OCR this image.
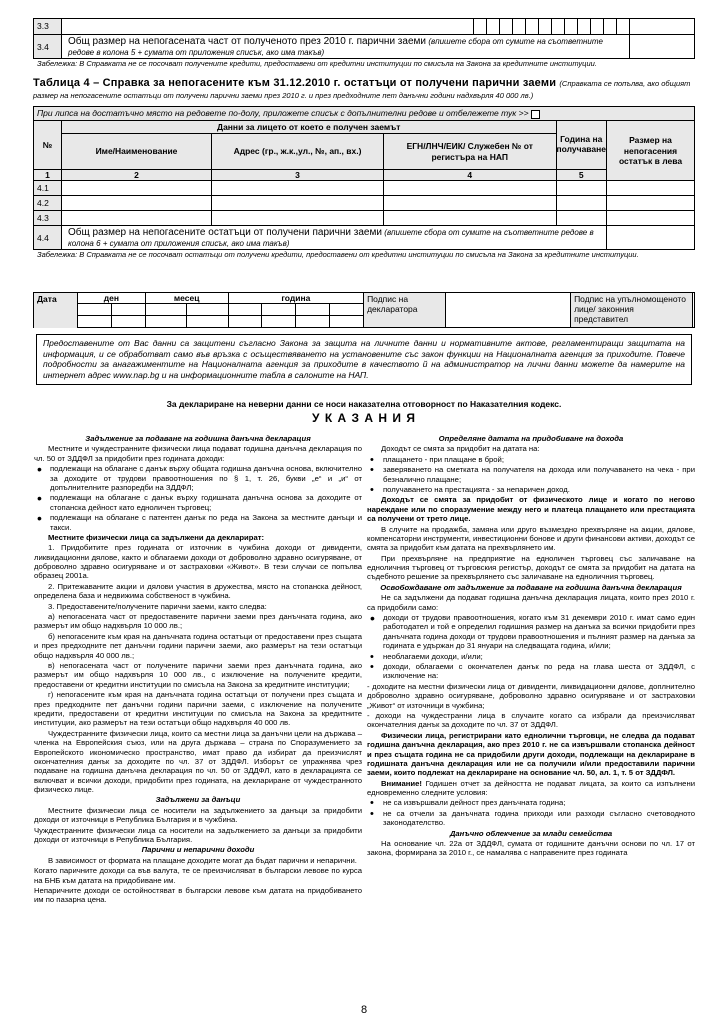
3.3														
3.4	Общ размер на непогасената част от полученото през 2010 г. парични заеми (впишете сбора от сумите на съответните редове в колона 5 + сумата от приложения списък, ако има такъв)													
Забележка: В Справката не се посочват получените кредити, предоставени от кредитни институции по смисъла на Закона за кредитните институции.
Таблица 4 – Справка за непогасените към 31.12.2010 г. остатъци от получени парични заеми (Справката се попълва, ако общият размер на непогасените остатъци от получени парични заеми през 2010 г. и през предходните пет данъчни години надхвърля 40 000 лв.)
При липса на достатъчно място на редовете по-долу, приложете списък с допълнителни редове и отбележете тук >>					
№	Данни за лицето от което е получен заемът			Година на получаване	Размер на непогасения остатък в лева
	Име/Наименование	Адрес (гр., ж.к.,ул., №, ап., вх.)	ЕГН/ЛНЧ/ЕИК/ Служебен № от регистъра на НАП		
1	2	3	4	5	
4.1					
4.2					
4.3					
4.4	Общ размер на непогасените остатъци от получени парични заеми (впишете сбора от сумите на съответните редове в колона 6 + сумата от приложения списък, ако има такъв)				
Забележка: В Справката не се посочват остатъци от получени кредити, предоставени от кредитни институции по смисъла на Закона за кредитните институции.
Дата	ден		месец		година				Подпис на декларатора		Подпис на упълномощеното лице/ законния представител	

Предоставените от Вас данни са защитени съгласно Закона за защита на личните данни и нормативните актове, регламентиращи защитата на информация, и се обработват само във връзка с осъществяването на установените със закон функции на Националната агенция за приходите. Повече подробности за анагажиментите на Националната агенция за приходите в качеството й на администратор на лични данни можете да намерите на интернет адрес www.nap.bg и на информационните табла в салоните на НАП.
За деклариране на неверни данни се носи наказателна отговорност по Наказателния кодекс.
У К А З А Н И Я

Задължение за подаване на годишна данъчна декларация

Местните и чуждестранните физически лица подават годишна данъчна декларация по чл. 50 от ЗДДФЛ за придобити през годината доходи:

• подлежащи на облагане с данък върху общата годишна данъчна основа, включително за доходите от трудови правоотношения по § 1, т. 26, букви „е“ и „и“ от допълнителните разпоредби на ЗДДФЛ;
• подлежащи на облагане с данък върху годишната данъчна основа за доходите от стопанска дейност като едноличен търговец;
• подлежащи на облагане с патентен данък по реда на Закона за местните данъци и такси.

Местните физически лица са задължени да декларират:

1. Придобитите през годината от източник в чужбина доходи от дивиденти, ликвидационни дялове, както и облагаеми доходи от доброволно здравно осигуряване, от доброволно здравно осигуряване и от застраховки «Живот». В тези случаи се попълва образец 2001а.

2. Притежаваните акции и дялови участия в дружества, място на стопанска дейност, определена база и недвижима собственост в чужбина.

3. Предоставените/получените парични заеми, както следва:

а) непогасената част от предоставените парични заеми през данъчната година, ако размерът им общо надхвърля 10 000 лв.;

б) непогасените към края на данъчната година остатъци от предоставени през същата и през предходните пет данъчни години парични заеми, ако размерът на тези остатъци общо надхвърля 40 000 лв.;

в) непогасената част от получените парични заеми през данъчната година, ако размерът им общо надхвърля 10 000 лв., с изключение на получените кредити, предоставени от кредитни институции по смисъла на Закона за кредитните институции;

г) непогасените към края на данъчната година остатъци от получени през същата и през предходните пет данъчни години парични заеми, с изключение на получените кредити, предоставени от кредитни институции по смисъла на Закона за кредитните институции, ако размерът на тези остатъци общо надхвърля 40 000 лв.

Чуждестранните физически лица, които са местни лица за данъчни цели на държава – членка на Европейския съюз, или на друга държава – страна по Споразумението за Европейското икономическо пространство, имат право да избират да преизчислят окончателния данък за доходите по чл. 37 от ЗДДФЛ. Изборът се упражнява чрез подаване на годишна данъчна декларация по чл. 50 от ЗДДФЛ, като в декларацията се включват и всички доходи, придобити през годината, на деклариране от чуждестранното физическо лице.

Задължени за данъци

Местните физически лица се носители на задължението за данъци за придобити доходи от източници в Република България и в чужбина.

Чуждестранните физически лица са носители на задължението за данъци за придобити доходи от източници в Република България.

Парични и непарични доходи

В зависимост от формата на плащане доходите могат да бъдат парични и непарични.

Когато паричните доходи са във валута, те се преизчисляват в български левове по курса на БНБ към датата на придобиване им.

Непаричните доходи се остойностяват в български левове към датата на придобиването им по пазарна цена.

Определяне датата на придобиване на дохода

Доходът се смята за придобит на датата на:

• плащането - при плащане в брой;
• заверяването на сметката на получателя на дохода или получаването на чека - при безналично плащане;
• получаването на престацията - за непаричен доход.

Доходът се смята за придобит от физическото лице и когато по негово нареждане или по споразумение между него и платеца плащането или престацията са получени от трето лице.

В случите на продажба, замяна или друго възмездно прехвърляне на акции, дялове, компенсаторни инструменти, инвестиционни бонове и други финансови активи, доходът се смята за придобит към датата на прехвърлянето им.

При прехвърляне на предприятие на едноличен търговец със заличаване на едноличния търговец от търговския регистър, доходът се смята за придобит на датата на съдебното решение за прехвърлянето със заличаване на едноличния търговец.

Освобождаване от задължение за подаване на годишна данъчна декларация

Не са задължени да подават годишна данъчна декларация лицата, които през 2010 г. са придобили само:

• доходи от трудови правоотношения, когато към 31 декември 2010 г. имат само един работодател и той е определил годишния размер на данъка за всички придобити през данъчната година доходи от трудови правоотношения и пълният размер на данъка за годината е удържан до 31 януари на следващата година, и/или;
• необлагаеми доходи, и/или;
• доходи, облагаеми с окончателен данък по реда на глава шеста от ЗДДФЛ, с изключение на:

- доходите на местни физически лица от дивиденти, ликвидационни дялове, доплнително доброволно здравно осигуряване, доброволно здравно осигуряване и от застраховки „Живот“ от източници в чужбина;

- доходи на чуждестранни лица в случаите когато са избрали да преизчисляват окончателния данък за доходите по чл. 37 от ЗДДФЛ.

Физически лица, регистрирани като еднолични търговци, не следва да подават годишна данъчна декларация, ако през 2010 г. не са извършвали стопанска дейност и през същата година не са придобили други доходи, подлежащи на деклариране в годишната данъчна декларация или не са получили и/или предоставили парични заеми, които подлежат на деклариране на основание чл. 50, ал. 1, т. 5 от ЗДДФЛ.

Внимание! Годишен отчет за дейността не подават лицата, за които са изпълнени едновременно следните условия:

• не са извършвали дейност през данъчната година;
• не са отчели за данъчната година приходи или разходи съгласно счетоводното законодателство.

Данъчно облекчение за млади семейства

На основание чл. 22а от ЗДДФЛ, сумата от годишните данъчни основи по чл. 17 от закона, формирана за 2010 г., се намалява с направените през годината

8
